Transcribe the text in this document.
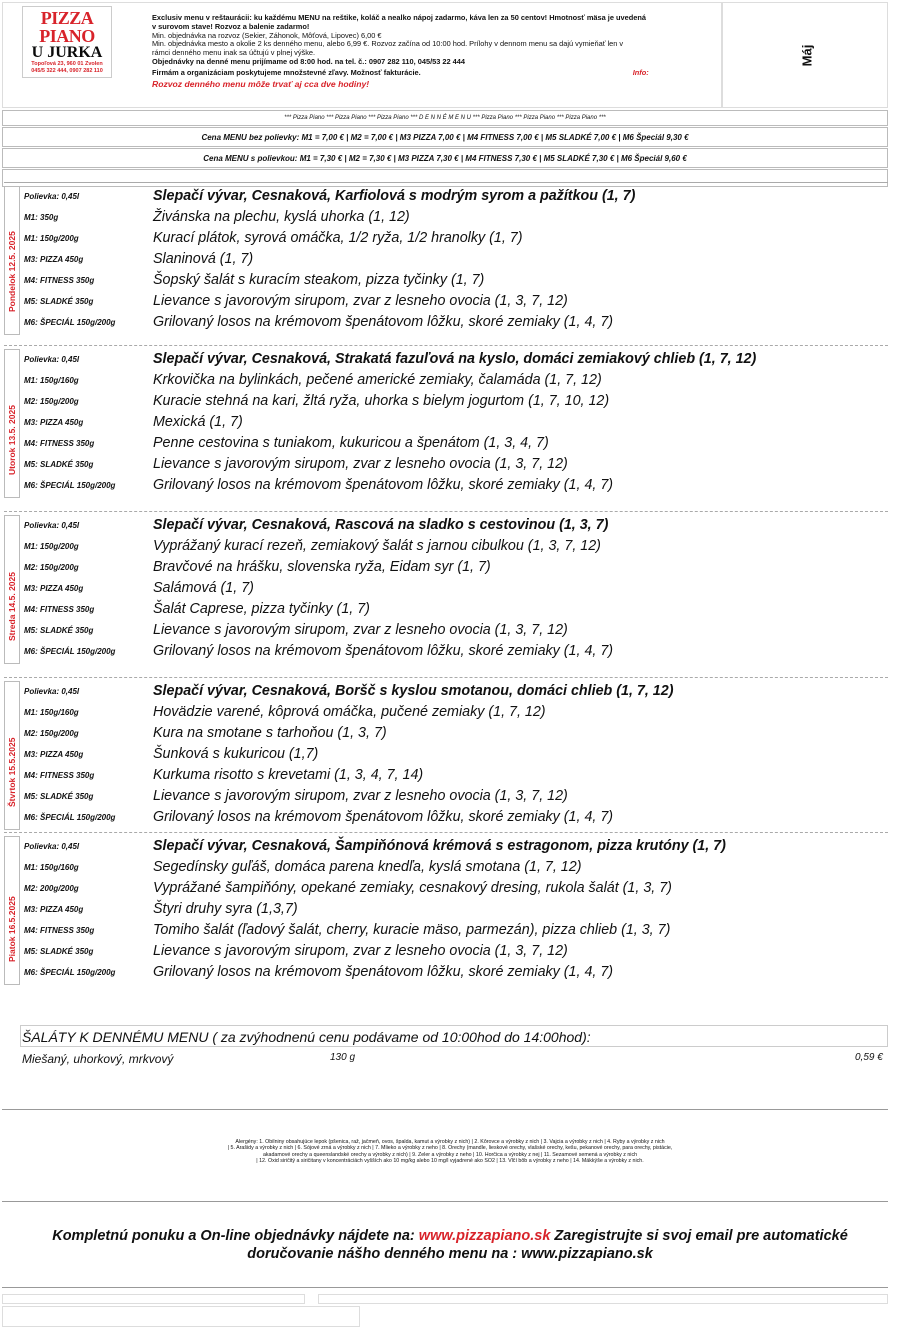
PIZZA PIANO
U JURKA
Topoľová 23, 960 01 Zvolen
045/5 322 444, 0907 282 110
Exclusiv menu v reštaurácii: ku každému MENU na reštike, koláč a nealko nápoj zadarmo, káva len za 50 centov! Hmotnosť mäsa je uvedená
v surovom stave! Rozvoz a balenie zadarmo!
Min. objednávka na rozvoz (Sekier, Záhonok, Môťová, Lipovec) 6,00 €
Min. objednávka mesto a okolie 2 ks denného menu, alebo 6,99 €. Rozvoz začína od 10:00 hod. Prílohy v dennom menu sa dajú vymieňať len v
rámci denného menu inak sa účtujú v plnej výške.
Objednávky na denné menu prijímame od 8:00 hod. na tel. č.: 0907 282 110, 045/53 22 444
Firmám a organizáciam poskytujeme množstevné zľavy. Možnosť fakturácie.	Info:
Rozvoz denného menu môže trvať aj cca dve hodiny!
Máj
*** Pizza Piano *** Pizza Piano *** Pizza Piano *** D E N N É M E N U *** Pizza Piano *** Pizza Piano *** Pizza Piano ***
Cena MENU bez polievky: M1 = 7,00 € | M2 = 7,00 € | M3 PIZZA 7,00 € | M4 FITNESS 7,00 € | M5 SLADKÉ 7,00 € | M6 Špeciál 9,30 €
Cena MENU s polievkou: M1 = 7,30 € | M2 = 7,30 € | M3 PIZZA 7,30 € | M4 FITNESS 7,30 € | M5 SLADKÉ 7,30 € | M6 Špeciál 9,60 €
Pondelok 12.5. 2025
Polievka: 0,45l	Slepačí vývar, Cesnaková, Karfiolová s modrým syrom a pažítkou (1, 7)
M1: 350g	Živánska na plechu, kyslá uhorka (1, 12)
M1: 150g/200g	Kurací plátok, syrová omáčka, 1/2 ryža, 1/2 hranolky (1, 7)
M3: PIZZA 450g	Slaninová (1, 7)
M4: FITNESS 350g	Šopský šalát s kuracím steakom, pizza tyčinky (1, 7)
M5: SLADKÉ 350g	Lievance s javorovým sirupom, zvar z lesneho ovocia (1, 3, 7, 12)
M6: ŠPECIÁL 150g/200g	Grilovaný losos na krémovom špenátovom lôžku, skoré zemiaky (1, 4, 7)
Utorok 13.5. 2025
Polievka: 0,45l	Slepačí vývar, Cesnaková, Strakatá fazuľová na kyslo, domáci zemiakový chlieb (1, 7, 12)
M1: 150g/160g	Krkovička na bylinkách, pečené americké zemiaky, čalamáda (1, 7, 12)
M2: 150g/200g	Kuracie stehná na kari, žltá ryža, uhorka s bielym jogurtom (1, 7, 10, 12)
M3: PIZZA 450g	Mexická (1, 7)
M4: FITNESS 350g	Penne cestovina s tuniakom, kukuricou a špenátom (1, 3, 4, 7)
M5: SLADKÉ 350g	Lievance s javorovým sirupom, zvar z lesneho ovocia (1, 3, 7, 12)
M6: ŠPECIÁL 150g/200g	Grilovaný losos na krémovom špenátovom lôžku, skoré zemiaky (1, 4, 7)
Streda 14.5. 2025
Polievka: 0,45l	Slepačí vývar, Cesnaková, Rascová na sladko s cestovinou (1, 3, 7)
M1: 150g/200g	Vyprážaný kurací rezeň, zemiakový šalát s jarnou cibulkou (1, 3, 7, 12)
M2: 150g/200g	Bravčové na hrášku, slovenska ryža, Eidam syr (1, 7)
M3: PIZZA 450g	Salámová (1, 7)
M4: FITNESS 350g	Šalát Caprese, pizza tyčinky (1, 7)
M5: SLADKÉ 350g	Lievance s javorovým sirupom, zvar z lesneho ovocia (1, 3, 7, 12)
M6: ŠPECIÁL 150g/200g	Grilovaný losos na krémovom špenátovom lôžku, skoré zemiaky (1, 4, 7)
Štvrtok 15.5.2025
Polievka: 0,45l	Slepačí vývar, Cesnaková, Boršč s kyslou smotanou, domáci chlieb (1, 7, 12)
M1: 150g/160g	Hovädzie varené, kôprová omáčka, pučené zemiaky (1, 7, 12)
M2: 150g/200g	Kura na smotane s tarhoňou (1, 3, 7)
M3: PIZZA 450g	Šunková s kukuricou (1,7)
M4: FITNESS 350g	Kurkuma risotto s krevetami (1, 3, 4, 7, 14)
M5: SLADKÉ 350g	Lievance s javorovým sirupom, zvar z lesneho ovocia (1, 3, 7, 12)
M6: ŠPECIÁL 150g/200g	Grilovaný losos na krémovom špenátovom lôžku, skoré zemiaky (1, 4, 7)
Piatok 16.5.2025
Polievka: 0,45l	Slepačí vývar, Cesnaková, Šampiňónová krémová s estragonom, pizza krutóny (1, 7)
M1: 150g/160g	Segedínsky guľáš, domáca parena knedľa, kyslá smotana (1, 7, 12)
M2: 200g/200g	Vyprážané šampiňóny, opekané zemiaky, cesnakový dresing, rukola šalát (1, 3, 7)
M3: PIZZA 450g	Štyri druhy syra (1,3,7)
M4: FITNESS 350g	Tomiho šalát (ľadový šalát, cherry, kuracie mäso, parmezán), pizza chlieb (1, 3, 7)
M5: SLADKÉ 350g	Lievance s javorovým sirupom, zvar z lesneho ovocia (1, 3, 7, 12)
M6: ŠPECIÁL 150g/200g	Grilovaný losos na krémovom špenátovom lôžku, skoré zemiaky (1, 4, 7)
ŠALÁTY K DENNÉMU MENU ( za zvýhodnenú cenu podávame od 10:00hod do 14:00hod):
Miešaný, uhorkový, mrkvový	130 g	0,59 €
Alergény: 1. Obilniny obsahujúce lepok (pšenica, raž, jačmeň, ovos, špalda, kamut a výrobky z nich) | 2. Kôrovce a výrobky z nich | 3. Vajcia a výrobky z nich | 4. Ryby a výrobky z nich
| 5. Arašidy a výrobky z nich | 6. Sójové zrná a výrobky z nich | 7. Mlieko a výrobky z neho | 8. Orechy (mandle, lieskové orechy, vlašské orechy, kešu, pekanové orechy, para orechy, pistácie,
akadamové orechy a queenslandské orechy a výrobky z nich) | 9. Zeler a výrobky z neho | 10. Horčica a výrobky z nej | 11. Sezamové semená a výrobky z nich
| 12. Oxid siričitý a siričitany v koncentráciách vyšších ako 10 mg/kg alebo 10 mg/l vyjadrené ako SO2 | 13. Vlčí bôb a výrobky z neho | 14. Mäkkýše a výrobky z nich.
Kompletnú ponuku a On-line objednávky nájdete na: www.pizzapiano.sk Zaregistrujte si svoj email pre automatické
doručovanie nášho denného menu na : www.pizzapiano.sk
